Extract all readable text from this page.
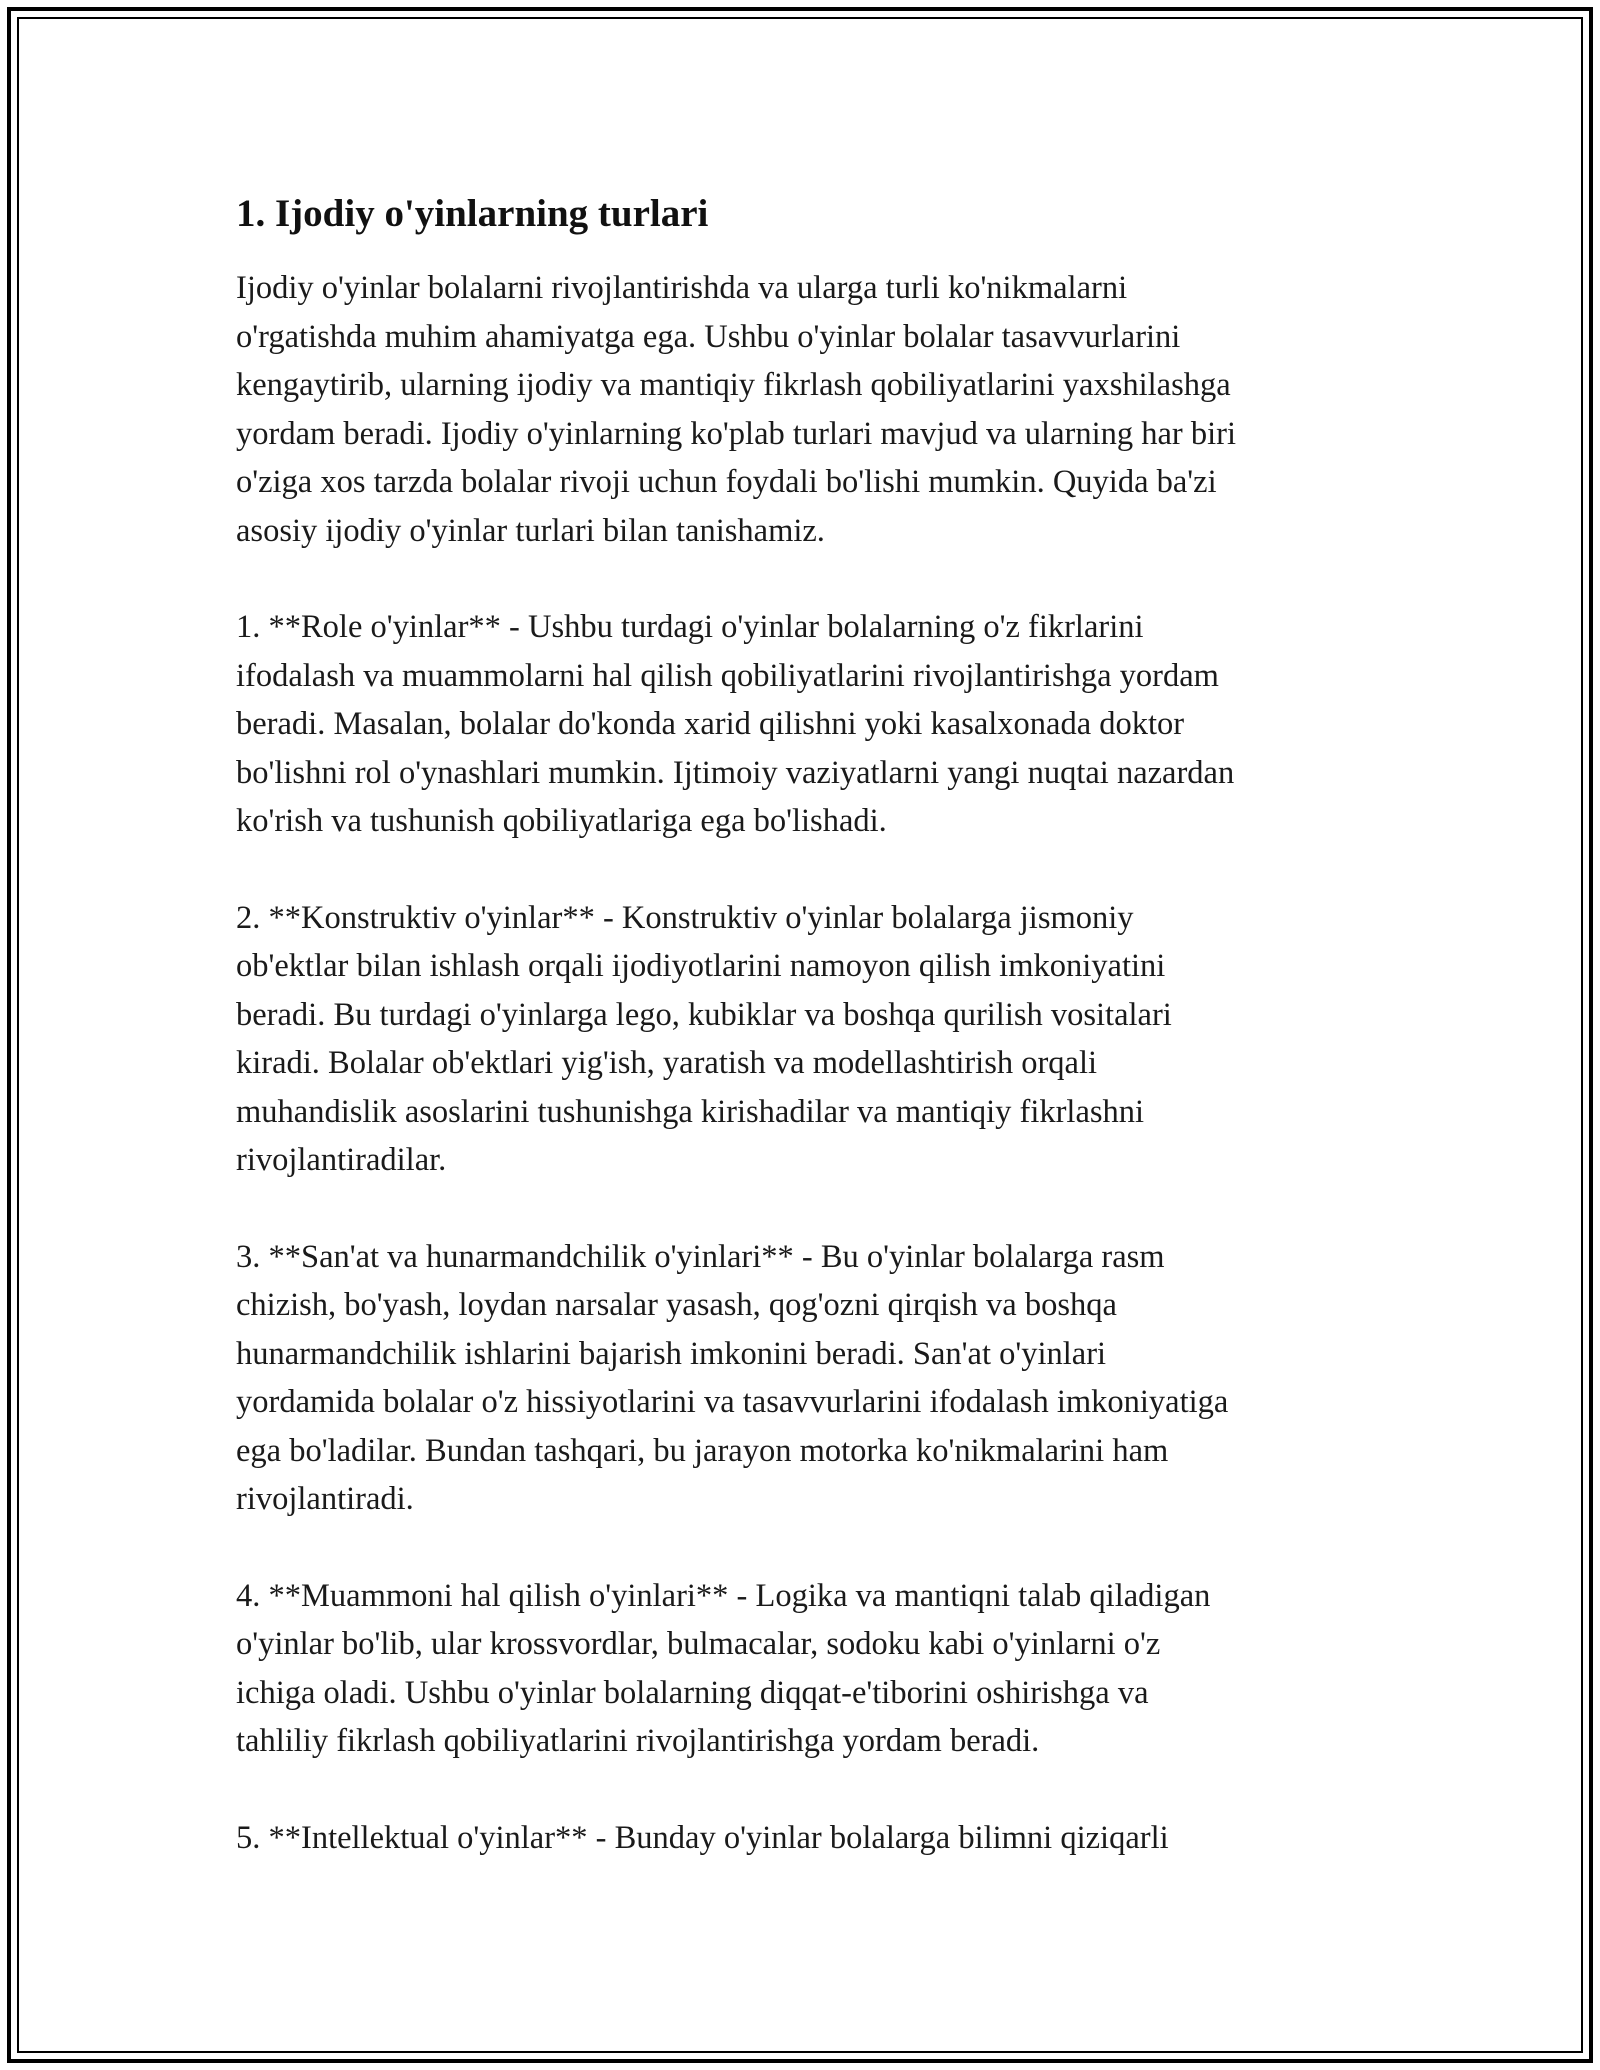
1. Ijodiy o'yinlarning turlari

Ijodiy o'yinlar bolalarni rivojlantirishda va ularga turli ko'nikmalarni
o'rgatishda muhim ahamiyatga ega. Ushbu o'yinlar bolalar tasavvurlarini
kengaytirib, ularning ijodiy va mantiqiy fikrlash qobiliyatlarini yaxshilashga
yordam beradi. Ijodiy o'yinlarning ko'plab turlari mavjud va ularning har biri
o'ziga xos tarzda bolalar rivoji uchun foydali bo'lishi mumkin. Quyida ba'zi
asosiy ijodiy o'yinlar turlari bilan tanishamiz.

1. **Role o'yinlar** - Ushbu turdagi o'yinlar bolalarning o'z fikrlarini
ifodalash va muammolarni hal qilish qobiliyatlarini rivojlantirishga yordam
beradi. Masalan, bolalar do'konda xarid qilishni yoki kasalxonada doktor
bo'lishni rol o'ynashlari mumkin. Ijtimoiy vaziyatlarni yangi nuqtai nazardan
ko'rish va tushunish qobiliyatlariga ega bo'lishadi.

2. **Konstruktiv o'yinlar** - Konstruktiv o'yinlar bolalarga jismoniy
ob'ektlar bilan ishlash orqali ijodiyotlarini namoyon qilish imkoniyatini
beradi. Bu turdagi o'yinlarga lego, kubiklar va boshqa qurilish vositalari
kiradi. Bolalar ob'ektlari yig'ish, yaratish va modellashtirish orqali
muhandislik asoslarini tushunishga kirishadilar va mantiqiy fikrlashni
rivojlantiradilar.

3. **San'at va hunarmandchilik o'yinlari** - Bu o'yinlar bolalarga rasm
chizish, bo'yash, loydan narsalar yasash, qog'ozni qirqish va boshqa
hunarmandchilik ishlarini bajarish imkonini beradi. San'at o'yinlari
yordamida bolalar o'z hissiyotlarini va tasavvurlarini ifodalash imkoniyatiga
ega bo'ladilar. Bundan tashqari, bu jarayon motorka ko'nikmalarini ham
rivojlantiradi.

4. **Muammoni hal qilish o'yinlari** - Logika va mantiqni talab qiladigan
o'yinlar bo'lib, ular krossvordlar, bulmacalar, sodoku kabi o'yinlarni o'z
ichiga oladi. Ushbu o'yinlar bolalarning diqqat-e'tiborini oshirishga va
tahliliy fikrlash qobiliyatlarini rivojlantirishga yordam beradi.

5. **Intellektual o'yinlar** - Bunday o'yinlar bolalarga bilimni qiziqarli
